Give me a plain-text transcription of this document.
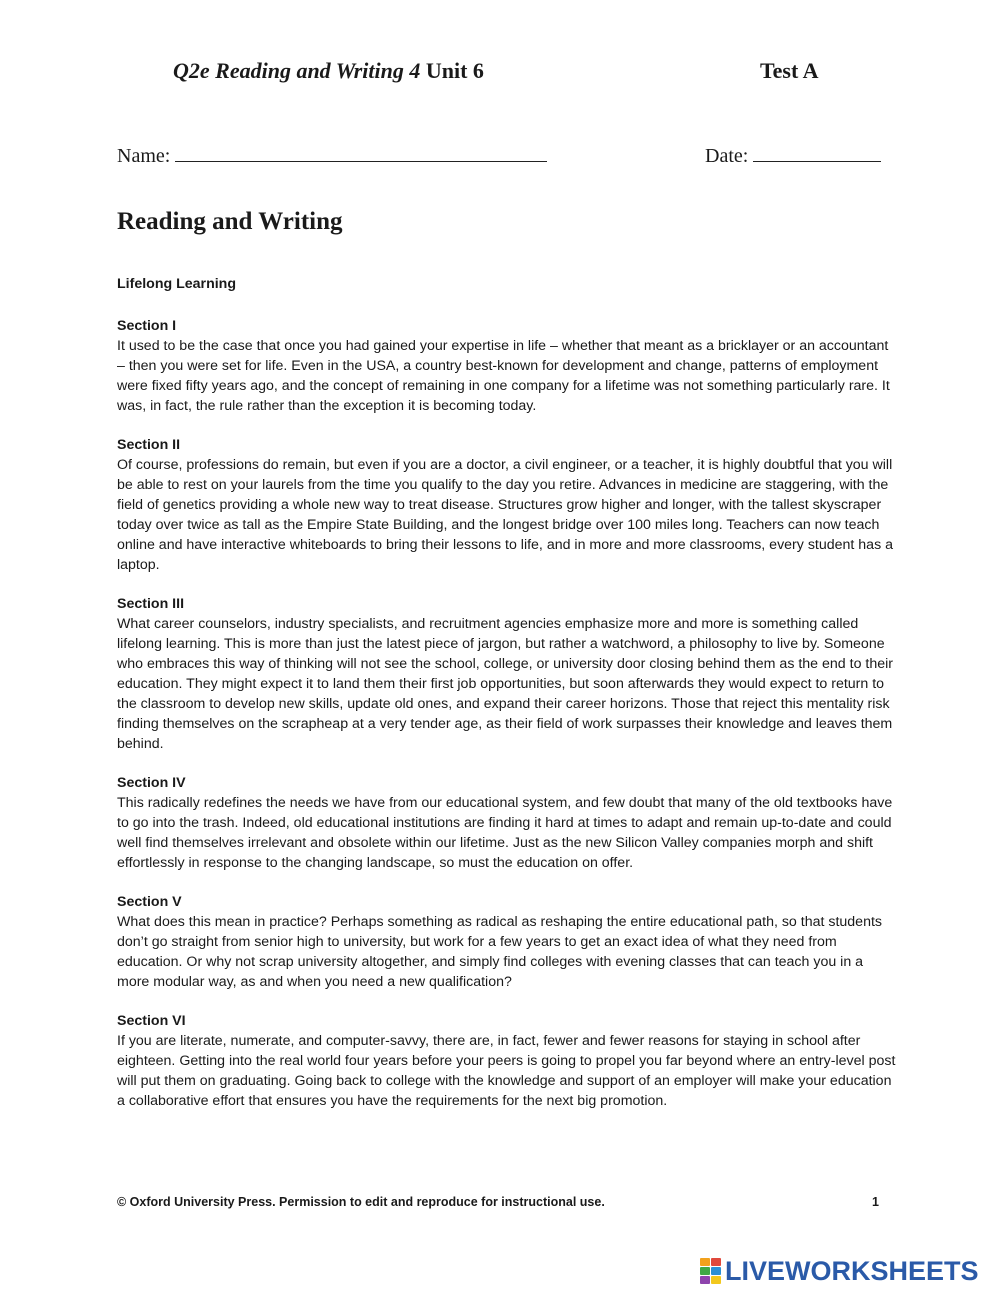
Q2e Reading and Writing 4 Unit 6	Test A
Name:	Date:
Reading and Writing

Lifelong Learning

Section I

It used to be the case that once you had gained your expertise in life – whether that meant as a bricklayer or an accountant – then you were set for life. Even in the USA, a country best-known for development and change, patterns of employment were fixed fifty years ago, and the concept of remaining in one company for a lifetime was not something particularly rare. It was, in fact, the rule rather than the exception it is becoming today.

Section II

Of course, professions do remain, but even if you are a doctor, a civil engineer, or a teacher, it is highly doubtful that you will be able to rest on your laurels from the time you qualify to the day you retire. Advances in medicine are staggering, with the field of genetics providing a whole new way to treat disease. Structures grow higher and longer, with the tallest skyscraper today over twice as tall as the Empire State Building, and the longest bridge over 100 miles long. Teachers can now teach online and have interactive whiteboards to bring their lessons to life, and in more and more classrooms, every student has a laptop.

Section III

What career counselors, industry specialists, and recruitment agencies emphasize more and more is something called lifelong learning. This is more than just the latest piece of jargon, but rather a watchword, a philosophy to live by. Someone who embraces this way of thinking will not see the school, college, or university door closing behind them as the end to their education. They might expect it to land them their first job opportunities, but soon afterwards they would expect to return to the classroom to develop new skills, update old ones, and expand their career horizons. Those that reject this mentality risk finding themselves on the scrapheap at a very tender age, as their field of work surpasses their knowledge and leaves them behind.

Section IV

This radically redefines the needs we have from our educational system, and few doubt that many of the old textbooks have to go into the trash. Indeed, old educational institutions are finding it hard at times to adapt and remain up-to-date and could well find themselves irrelevant and obsolete within our lifetime. Just as the new Silicon Valley companies morph and shift effortlessly in response to the changing landscape, so must the education on offer.

Section V

What does this mean in practice? Perhaps something as radical as reshaping the entire educational path, so that students don’t go straight from senior high to university, but work for a few years to get an exact idea of what they need from education. Or why not scrap university altogether, and simply find colleges with evening classes that can teach you in a more modular way, as and when you need a new qualification?

Section VI

If you are literate, numerate, and computer-savvy, there are, in fact, fewer and fewer reasons for staying in school after eighteen. Getting into the real world four years before your peers is going to propel you far beyond where an entry-level post will put them on graduating. Going back to college with the knowledge and support of an employer will make your education a collaborative effort that ensures you have the requirements for the next big promotion.

© Oxford University Press. Permission to edit and reproduce for instructional use.	1
LIVEWORKSHEETS
